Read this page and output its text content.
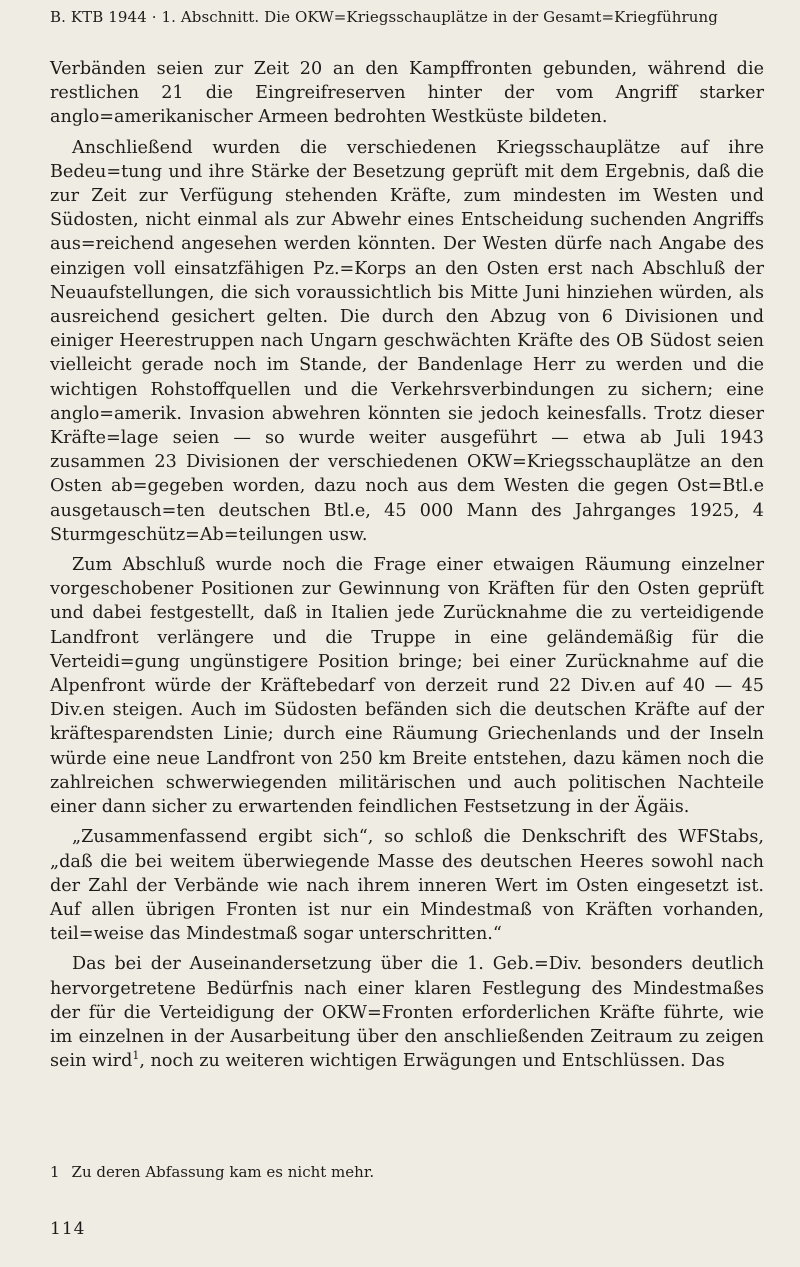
B. KTB 1944 · 1. Abschnitt. Die OKW=Kriegsschauplätze in der Gesamt=Kriegführung

Verbänden seien zur Zeit 20 an den Kampffronten gebunden, während die restlichen 21 die Eingreifreserven hinter der vom Angriff starker anglo=amerikanischer Armeen bedrohten Westküste bildeten.

Anschließend wurden die verschiedenen Kriegsschauplätze auf ihre Bedeu=tung und ihre Stärke der Besetzung geprüft mit dem Ergebnis, daß die zur Zeit zur Verfügung stehenden Kräfte, zum mindesten im Westen und Südosten, nicht einmal als zur Abwehr eines Entscheidung suchenden Angriffs aus=reichend angesehen werden könnten. Der Westen dürfe nach Angabe des einzigen voll einsatzfähigen Pz.=Korps an den Osten erst nach Abschluß der Neuaufstellungen, die sich voraussichtlich bis Mitte Juni hinziehen würden, als ausreichend gesichert gelten. Die durch den Abzug von 6 Divisionen und einiger Heerestruppen nach Ungarn geschwächten Kräfte des OB Südost seien vielleicht gerade noch im Stande, der Bandenlage Herr zu werden und die wichtigen Rohstoffquellen und die Verkehrsverbindungen zu sichern; eine anglo=amerik. Invasion abwehren könnten sie jedoch keinesfalls. Trotz dieser Kräfte=lage seien — so wurde weiter ausgeführt — etwa ab Juli 1943 zusammen 23 Divisionen der verschiedenen OKW=Kriegsschauplätze an den Osten ab=gegeben worden, dazu noch aus dem Westen die gegen Ost=Btl.e ausgetausch=ten deutschen Btl.e, 45 000 Mann des Jahrganges 1925, 4 Sturmgeschütz=Ab=teilungen usw.

Zum Abschluß wurde noch die Frage einer etwaigen Räumung einzelner vorgeschobener Positionen zur Gewinnung von Kräften für den Osten geprüft und dabei festgestellt, daß in Italien jede Zurücknahme die zu verteidigende Landfront verlängere und die Truppe in eine geländemäßig für die Verteidi=gung ungünstigere Position bringe; bei einer Zurücknahme auf die Alpenfront würde der Kräftebedarf von derzeit rund 22 Div.en auf 40 — 45 Div.en steigen. Auch im Südosten befänden sich die deutschen Kräfte auf der kräftesparendsten Linie; durch eine Räumung Griechenlands und der Inseln würde eine neue Landfront von 250 km Breite entstehen, dazu kämen noch die zahlreichen schwerwiegenden militärischen und auch politischen Nachteile einer dann sicher zu erwartenden feindlichen Festsetzung in der Ägäis.

„Zusammenfassend ergibt sich“, so schloß die Denkschrift des WFStabs, „daß die bei weitem überwiegende Masse des deutschen Heeres sowohl nach der Zahl der Verbände wie nach ihrem inneren Wert im Osten eingesetzt ist. Auf allen übrigen Fronten ist nur ein Mindestmaß von Kräften vorhanden, teil=weise das Mindestmaß sogar unterschritten.“

Das bei der Auseinandersetzung über die 1. Geb.=Div. besonders deutlich hervorgetretene Bedürfnis nach einer klaren Festlegung des Mindestmaßes der für die Verteidigung der OKW=Fronten erforderlichen Kräfte führte, wie im einzelnen in der Ausarbeitung über den anschließenden Zeitraum zu zeigen sein wird$^1$, noch zu weiteren wichtigen Erwägungen und Entschlüssen. Das

1 Zu deren Abfassung kam es nicht mehr.
114
